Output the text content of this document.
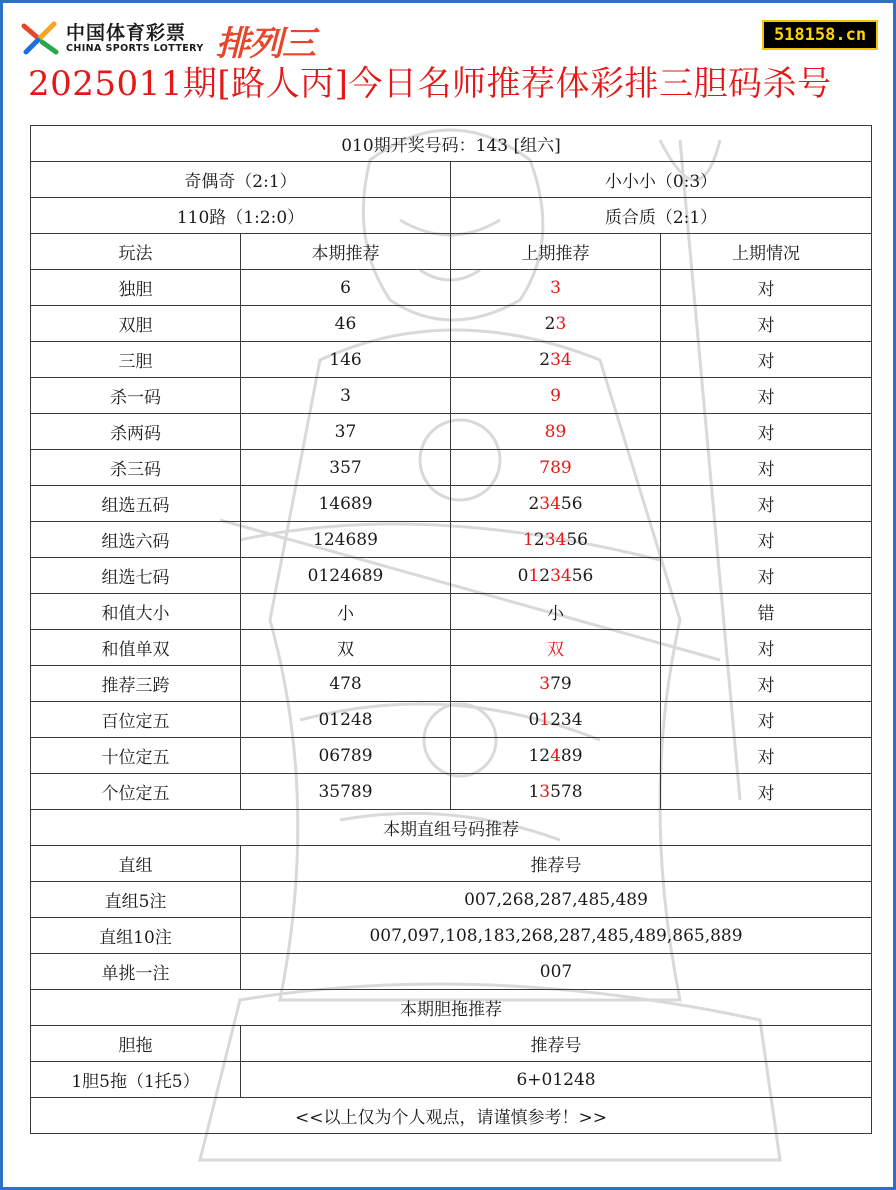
中国体育彩票
CHINA SPORTS LOTTERY 排列三	518158.cn
2025011期[路人丙]今日名师推荐体彩排三胆码杀号
010期开奖号码：143 [组六]			
奇偶奇（2:1）		小小小（0:3）	
110路（1:2:0）		质合质（2:1）	
玩法	本期推荐	上期推荐	上期情况
独胆	6	3	对
双胆	46	23	对
三胆	146	234	对
杀一码	3	9	对
杀两码	37	89	对
杀三码	357	789	对
组选五码	14689	23456	对
组选六码	124689	123456	对
组选七码	0124689	0123456	对
和值大小	小	小	错
和值单双	双	双	对
推荐三跨	478	379	对
百位定五	01248	01234	对
十位定五	06789	12489	对
个位定五	35789	13578	对
本期直组号码推荐			
直组	推荐号		
直组5注	007,268,287,485,489		
直组10注	007,097,108,183,268,287,485,489,865,889		
单挑一注	007		
本期胆拖推荐			
胆拖	推荐号		
1胆5拖（1托5）	6+01248		
<<以上仅为个人观点，请谨慎参考！>>			
